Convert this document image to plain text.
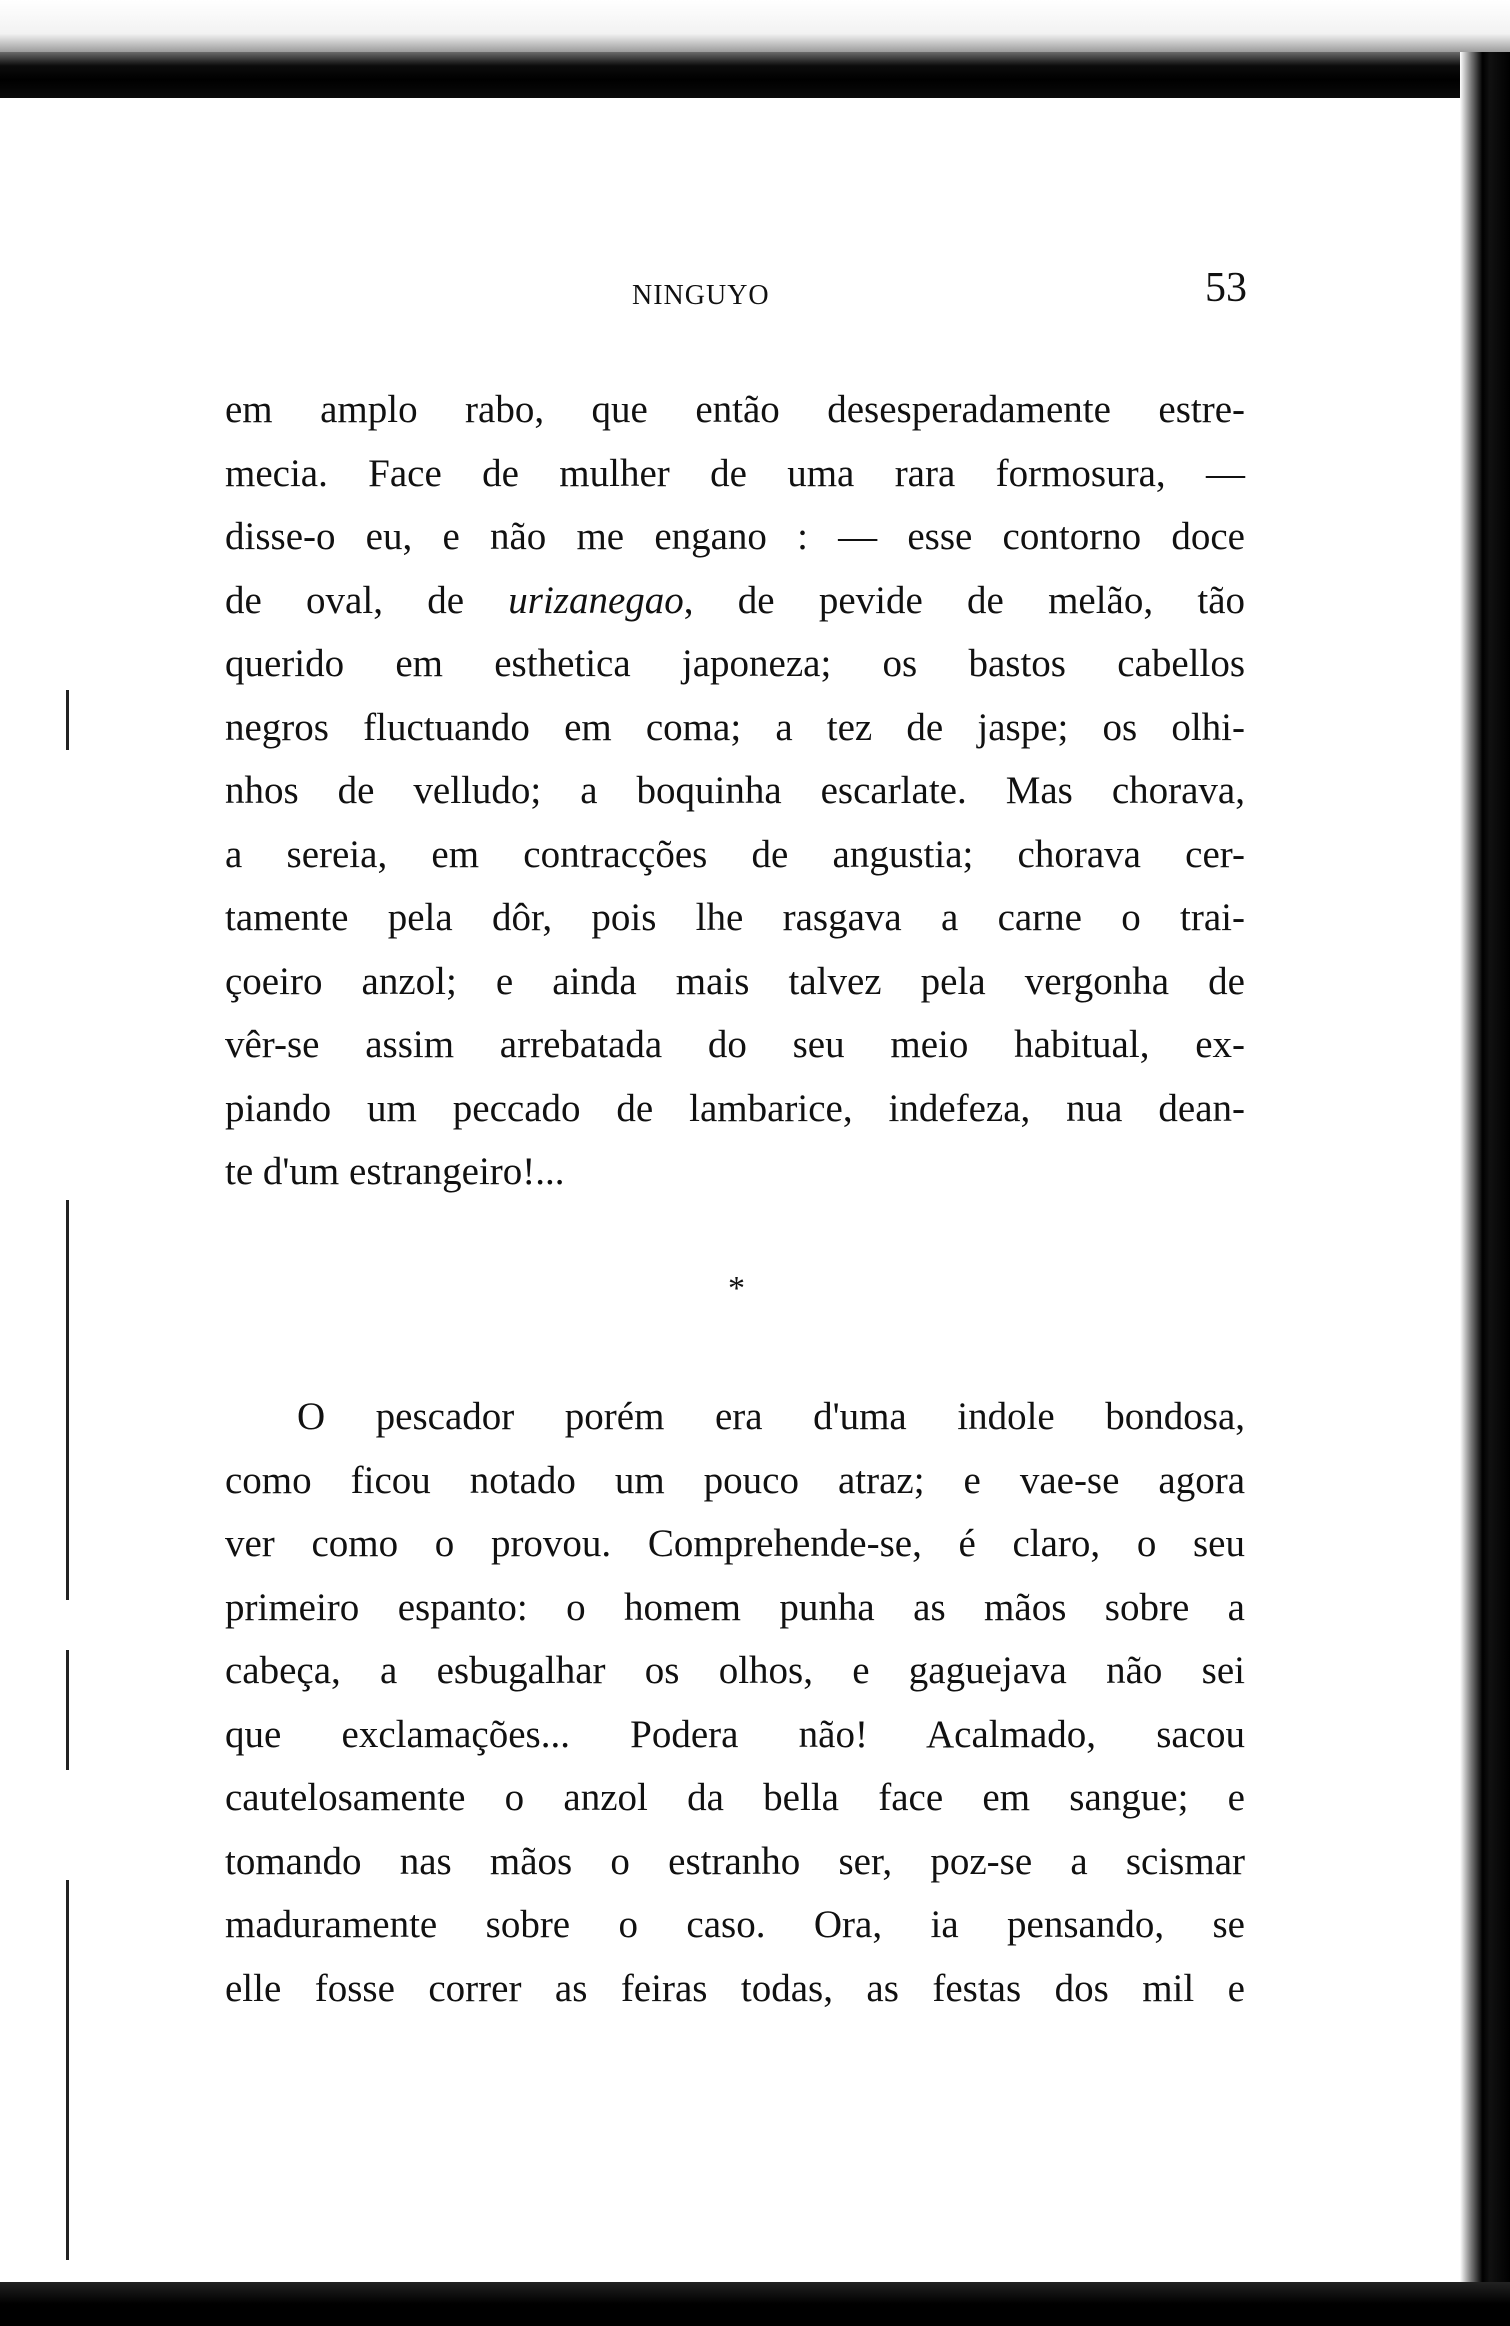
NINGUYO	53
em amplo rabo, que então desesperadamente estre-
mecia. Face de mulher de uma rara formosura, —
disse-o eu, e não me engano : — esse contorno doce
de oval, de urizanegao, de pevide de melão, tão
querido em esthetica japoneza; os bastos cabellos
negros fluctuando em coma; a tez de jaspe; os olhi-
nhos de velludo; a boquinha escarlate. Mas chorava,
a sereia, em contracções de angustia; chorava cer-
tamente pela dôr, pois lhe rasgava a carne o trai-
çoeiro anzol; e ainda mais talvez pela vergonha de
vêr-se assim arrebatada do seu meio habitual, ex-
piando um peccado de lambarice, indefeza, nua dean-
te d'um estrangeiro!...
*
O pescador porém era d'uma indole bondosa,
como ficou notado um pouco atraz; e vae-se agora
ver como o provou. Comprehende-se, é claro, o seu
primeiro espanto: o homem punha as mãos sobre a
cabeça, a esbugalhar os olhos, e gaguejava não sei
que exclamações... Podera não! Acalmado, sacou
cautelosamente o anzol da bella face em sangue; e
tomando nas mãos o estranho ser, poz-se a scismar
maduramente sobre o caso. Ora, ia pensando, se
elle fosse correr as feiras todas, as festas dos mil e
